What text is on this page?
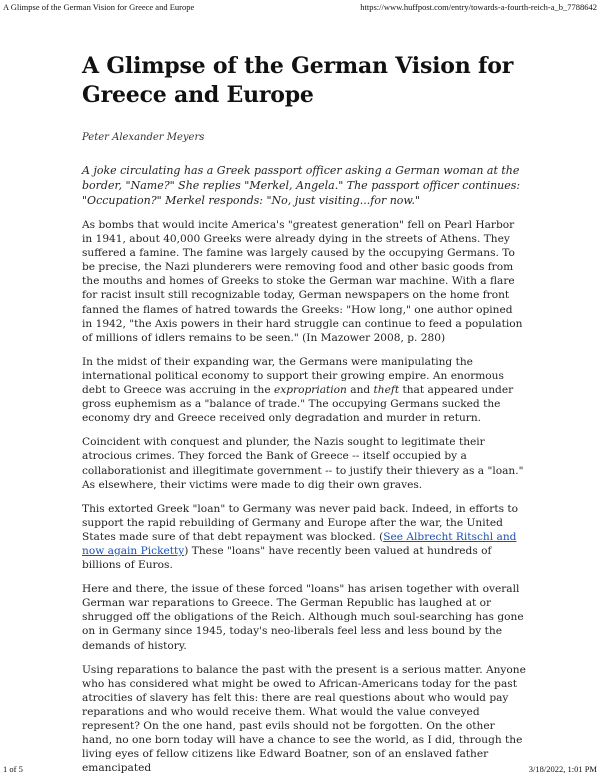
A Glimpse of the German Vision for Greece and Europe	https://www.huffpost.com/entry/towards-a-fourth-reich-a_b_7788642
A Glimpse of the German Vision for Greece and Europe
Peter Alexander Meyers
A joke circulating has a Greek passport officer asking a German woman at the border, "Name?" She replies "Merkel, Angela." The passport officer continues: "Occupation?" Merkel responds: "No, just visiting...for now."

As bombs that would incite America's "greatest generation" fell on Pearl Harbor in 1941, about 40,000 Greeks were already dying in the streets of Athens. They suffered a famine. The famine was largely caused by the occupying Germans. To be precise, the Nazi plunderers were removing food and other basic goods from the mouths and homes of Greeks to stoke the German war machine. With a flare for racist insult still recognizable today, German newspapers on the home front fanned the flames of hatred towards the Greeks: "How long," one author opined in 1942, "the Axis powers in their hard struggle can continue to feed a population of millions of idlers remains to be seen." (In Mazower 2008, p. 280)

In the midst of their expanding war, the Germans were manipulating the international political economy to support their growing empire. An enormous debt to Greece was accruing in the expropriation and theft that appeared under gross euphemism as a "balance of trade." The occupying Germans sucked the economy dry and Greece received only degradation and murder in return.

Coincident with conquest and plunder, the Nazis sought to legitimate their atrocious crimes. They forced the Bank of Greece -- itself occupied by a collaborationist and illegitimate government -- to justify their thievery as a "loan." As elsewhere, their victims were made to dig their own graves.

This extorted Greek "loan" to Germany was never paid back. Indeed, in efforts to support the rapid rebuilding of Germany and Europe after the war, the United States made sure of that debt repayment was blocked. (See Albrecht Ritschl and now again Picketty) These "loans" have recently been valued at hundreds of billions of Euros.

Here and there, the issue of these forced "loans" has arisen together with overall German war reparations to Greece. The German Republic has laughed at or shrugged off the obligations of the Reich. Although much soul-searching has gone on in Germany since 1945, today's neo-liberals feel less and less bound by the demands of history.

Using reparations to balance the past with the present is a serious matter. Anyone who has considered what might be owed to African-Americans today for the past atrocities of slavery has felt this: there are real questions about who would pay reparations and who would receive them. What would the value conveyed represent? On the one hand, past evils should not be forgotten. On the other hand, no one born today will have a chance to see the world, as I did, through the living eyes of fellow citizens like Edward Boatner, son of an enslaved father emancipated

1 of 5	3/18/2022, 1:01 PM
